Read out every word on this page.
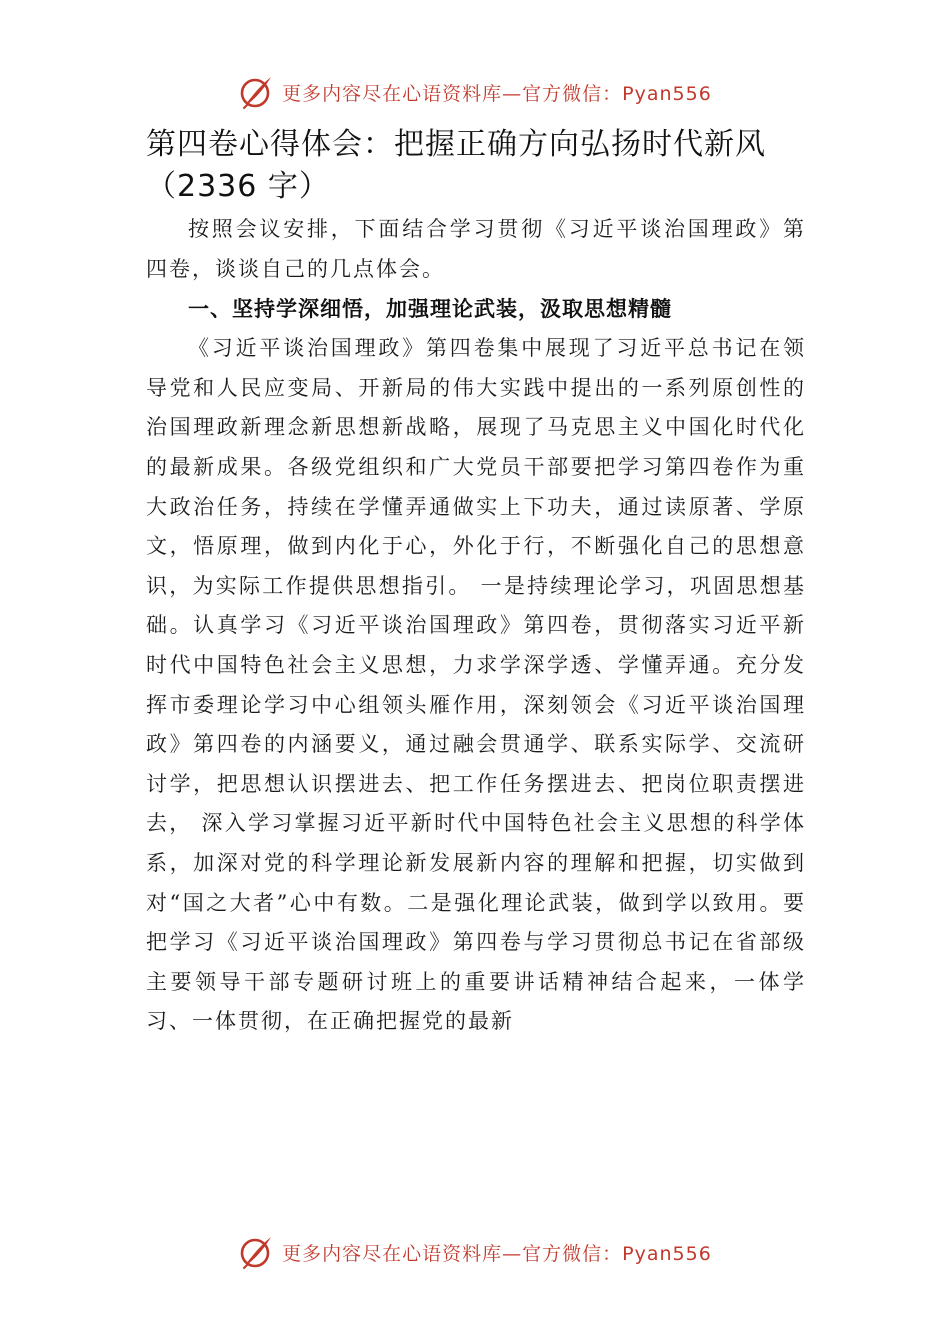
更多内容尽在心语资料库—官方微信：Pyan556
第四卷心得体会：把握正确方向弘扬时代新风（2336 字）

按照会议安排，下面结合学习贯彻《习近平谈治国理政》第四卷，谈谈自己的几点体会。

一、坚持学深细悟，加强理论武装，汲取思想精髓

《习近平谈治国理政》第四卷集中展现了习近平总书记在领导党和人民应变局、开新局的伟大实践中提出的一系列原创性的治国理政新理念新思想新战略，展现了马克思主义中国化时代化的最新成果。各级党组织和广大党员干部要把学习第四卷作为重大政治任务，持续在学懂弄通做实上下功夫，通过读原著、学原文，悟原理，做到内化于心，外化于行，不断强化自己的思想意识，为实际工作提供思想指引。 一是持续理论学习，巩固思想基础。认真学习《习近平谈治国理政》第四卷，贯彻落实习近平新时代中国特色社会主义思想，力求学深学透、学懂弄通。充分发挥市委理论学习中心组领头雁作用，深刻领会《习近平谈治国理政》第四卷的内涵要义，通过融会贯通学、联系实际学、交流研讨学，把思想认识摆进去、把工作任务摆进去、把岗位职责摆进去， 深入学习掌握习近平新时代中国特色社会主义思想的科学体系，加深对党的科学理论新发展新内容的理解和把握，切实做到对“国之大者”心中有数。二是强化理论武装，做到学以致用。要把学习《习近平谈治国理政》第四卷与学习贯彻总书记在省部级主要领导干部专题研讨班上的重要讲话精神结合起来，一体学习、一体贯彻，在正确把握党的最新

更多内容尽在心语资料库—官方微信：Pyan556
